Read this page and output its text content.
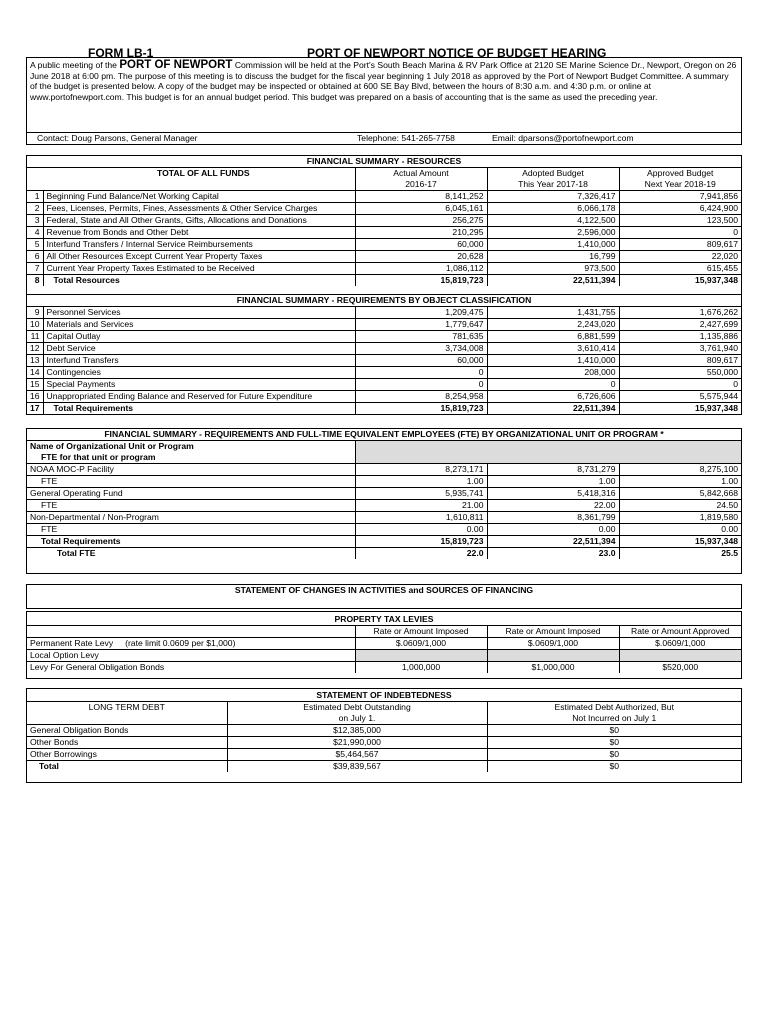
FORM LB-1	PORT OF NEWPORT NOTICE OF BUDGET HEARING
A public meeting of the PORT OF NEWPORT Commission will be held at the Port's South Beach Marina & RV Park Office at 2120 SE Marine Science Dr., Newport, Oregon on 26 June 2018 at 6:00 pm. The purpose of this meeting is to discuss the budget for the fiscal year beginning 1 July 2018 as approved by the Port of Newport Budget Committee. A summary of the budget is presented below. A copy of the budget may be inspected or obtained at 600 SE Bay Blvd, between the hours of 8:30 a.m. and 4:30 p.m. or online at www.portofnewport.com. This budget is for an annual budget period. This budget was prepared on a basis of accounting that is the same as used the preceding year.
Contact: Doug Parsons, General Manager	Telephone: 541-265-7758	Email: dparsons@portofnewport.com
FINANCIAL SUMMARY - RESOURCES				
TOTAL OF ALL FUNDS		Actual Amount	Adopted Budget	Approved Budget
		2016-17	This Year 2017-18	Next Year 2018-19
1	Beginning Fund Balance/Net Working Capital	8,141,252	7,326,417	7,941,856
2	Fees, Licenses, Permits, Fines, Assessments & Other Service Charges	6,045,161	6,066,178	6,424,900
3	Federal, State and All Other Grants, Gifts, Allocations and Donations	256,275	4,122,500	123,500
4	Revenue from Bonds and Other Debt	210,295	2,596,000	0
5	Interfund Transfers / Internal Service Reimbursements	60,000	1,410,000	809,617
6	All Other Resources Except Current Year Property Taxes	20,628	16,799	22,020
7	Current Year Property Taxes Estimated to be Received	1,086,112	973,500	615,455
8	Total Resources	15,819,723	22,511,394	15,937,348

FINANCIAL SUMMARY - REQUIREMENTS BY OBJECT CLASSIFICATION				
9	Personnel Services	1,209,475	1,431,755	1,676,262
10	Materials and Services	1,779,647	2,243,020	2,427,699
11	Capital Outlay	781,635	6,881,599	1,135,886
12	Debt Service	3,734,008	3,610,414	3,761,940
13	Interfund Transfers	60,000	1,410,000	809,617
14	Contingencies	0	208,000	550,000
15	Special Payments	0	0	0
16	Unappropriated Ending Balance and Reserved for Future Expenditure	8,254,958	6,726,606	5,575,944
17	Total Requirements	15,819,723	22,511,394	15,937,348
FINANCIAL SUMMARY - REQUIREMENTS AND FULL-TIME EQUIVALENT EMPLOYEES (FTE) BY ORGANIZATIONAL UNIT OR PROGRAM *			
Name of Organizational Unit or Program			
FTE for that unit or program			
NOAA MOC-P Facility	8,273,171	8,731,279	8,275,100
FTE	1.00	1.00	1.00
General Operating Fund	5,935,741	5,418,316	5,842,668
FTE	21.00	22.00	24.50
Non-Departmental / Non-Program	1,610,811	8,361,799	1,819,580
FTE	0.00	0.00	0.00
Total Requirements	15,819,723	22,511,394	15,937,348
Total FTE	22.0	23.0	25.5
STATEMENT OF CHANGES IN ACTIVITIES and SOURCES OF FINANCING
PROPERTY TAX LEVIES			
	Rate or Amount Imposed	Rate or Amount Imposed	Rate or Amount Approved
Permanent Rate Levy (rate limit 0.0609 per $1,000)	$.0609/1,000	$.0609/1,000	$.0609/1,000
Local Option Levy			
Levy For General Obligation Bonds	1,000,000	$1,000,000	$520,000
STATEMENT OF INDEBTEDNESS		
LONG TERM DEBT	Estimated Debt Outstanding	Estimated Debt Authorized, But
	on July 1.	Not Incurred on July 1
General Obligation Bonds	$12,385,000	$0
Other Bonds	$21,990,000	$0
Other Borrowings	$5,464,567	$0
Total	$39,839,567	$0
